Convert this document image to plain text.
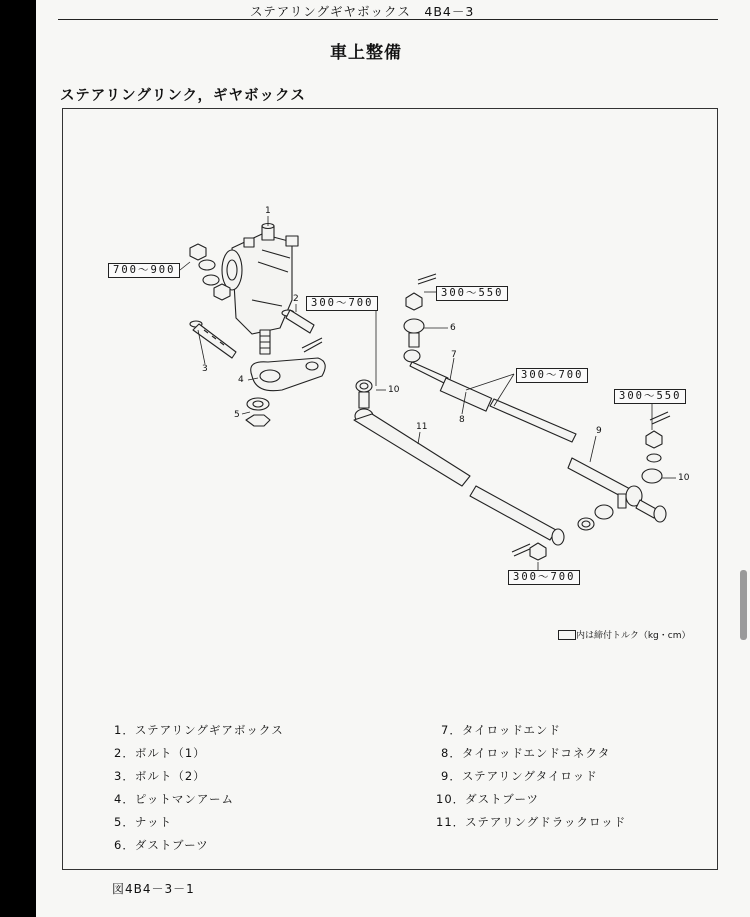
ステアリングギヤボックス　4B4－3
車上整備
ステアリングリンク，ギヤボックス
700～900
300～700
300～550
300～700
300～550
300～700
1
2
3
4
5
6
7
8
9
10
10
11
内は締付トルク（kg・cm）
1．ステアリングギアボックス
2．ボルト（1）
3．ボルト（2）
4．ピットマンアーム
5．ナット
6．ダストブーツ
7．タイロッドエンド
8．タイロッドエンドコネクタ
9．ステアリングタイロッド
10．ダストブーツ
11．ステアリングドラックロッド
図4B4－3－1
